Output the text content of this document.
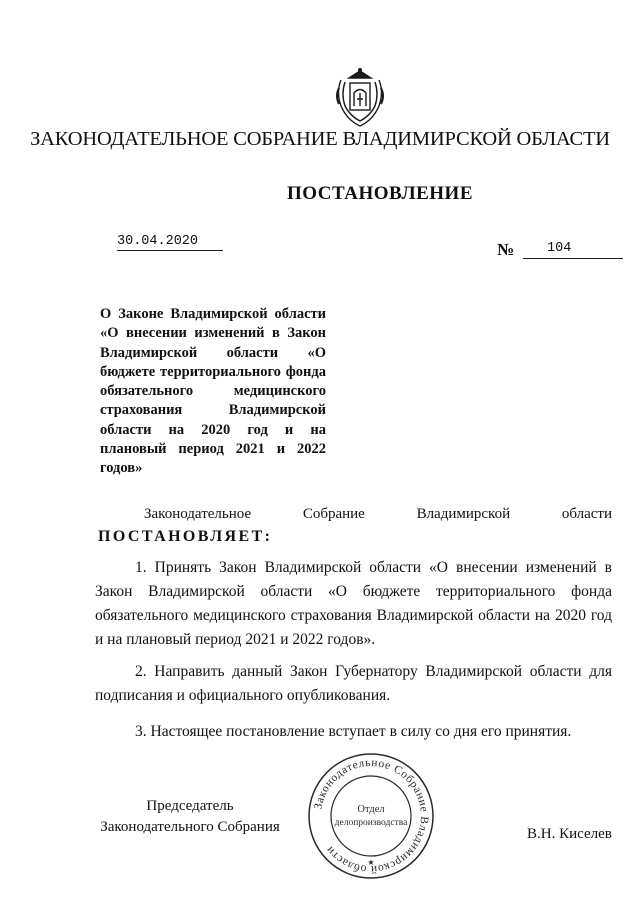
ЗАКОНОДАТЕЛЬНОЕ СОБРАНИЕ ВЛАДИМИРСКОЙ ОБЛАСТИ
ПОСТАНОВЛЕНИЕ
30.04.2020	№	104
О Законе Владимирской области «О внесении изменений в Закон Владимирской области «О бюджете территориального фонда обязательного медицинского страхования Владимирской области на 2020 год и на плановый период 2021 и 2022 годов»
Законодательное	Собрание	Владимирской	области
ПОСТАНОВЛЯЕТ:

1. Принять Закон Владимирской области «О внесении изменений в Закон Владимирской области «О бюджете территориального фонда обязательного медицинского страхования Владимирской области на 2020 год и на плановый период 2021 и 2022 годов».

2. Направить данный Закон Губернатору Владимирской области для подписания и официального опубликования.

3. Настоящее постановление вступает в силу со дня его принятия.

Председатель
Законодательного Собрания
Законодательное Собрание Владимирской области
Отдел
делопроизводства
★
В.Н. Киселев
